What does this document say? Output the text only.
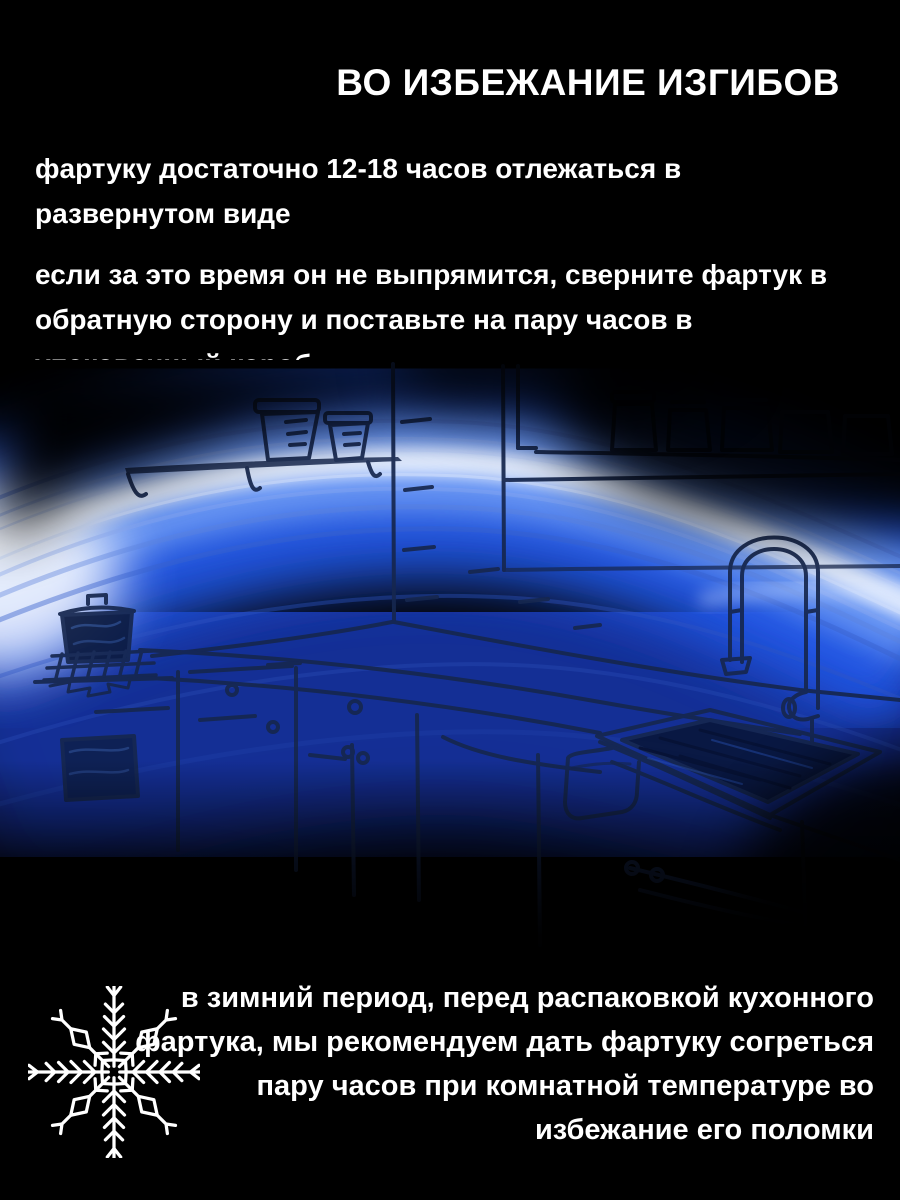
ВО ИЗБЕЖАНИЕ ИЗГИБОВ
фартуку достаточно 12-18 часов отлежаться в
развернутом виде
если за это время он не выпрямится, сверните фартук в
обратную сторону и поставьте на пару часов в
в зимний период, перед распаковкой кухонного
фартука, мы рекомендуем дать фартуку согреться
пару часов при комнатной температуре во
избежание его поломки
